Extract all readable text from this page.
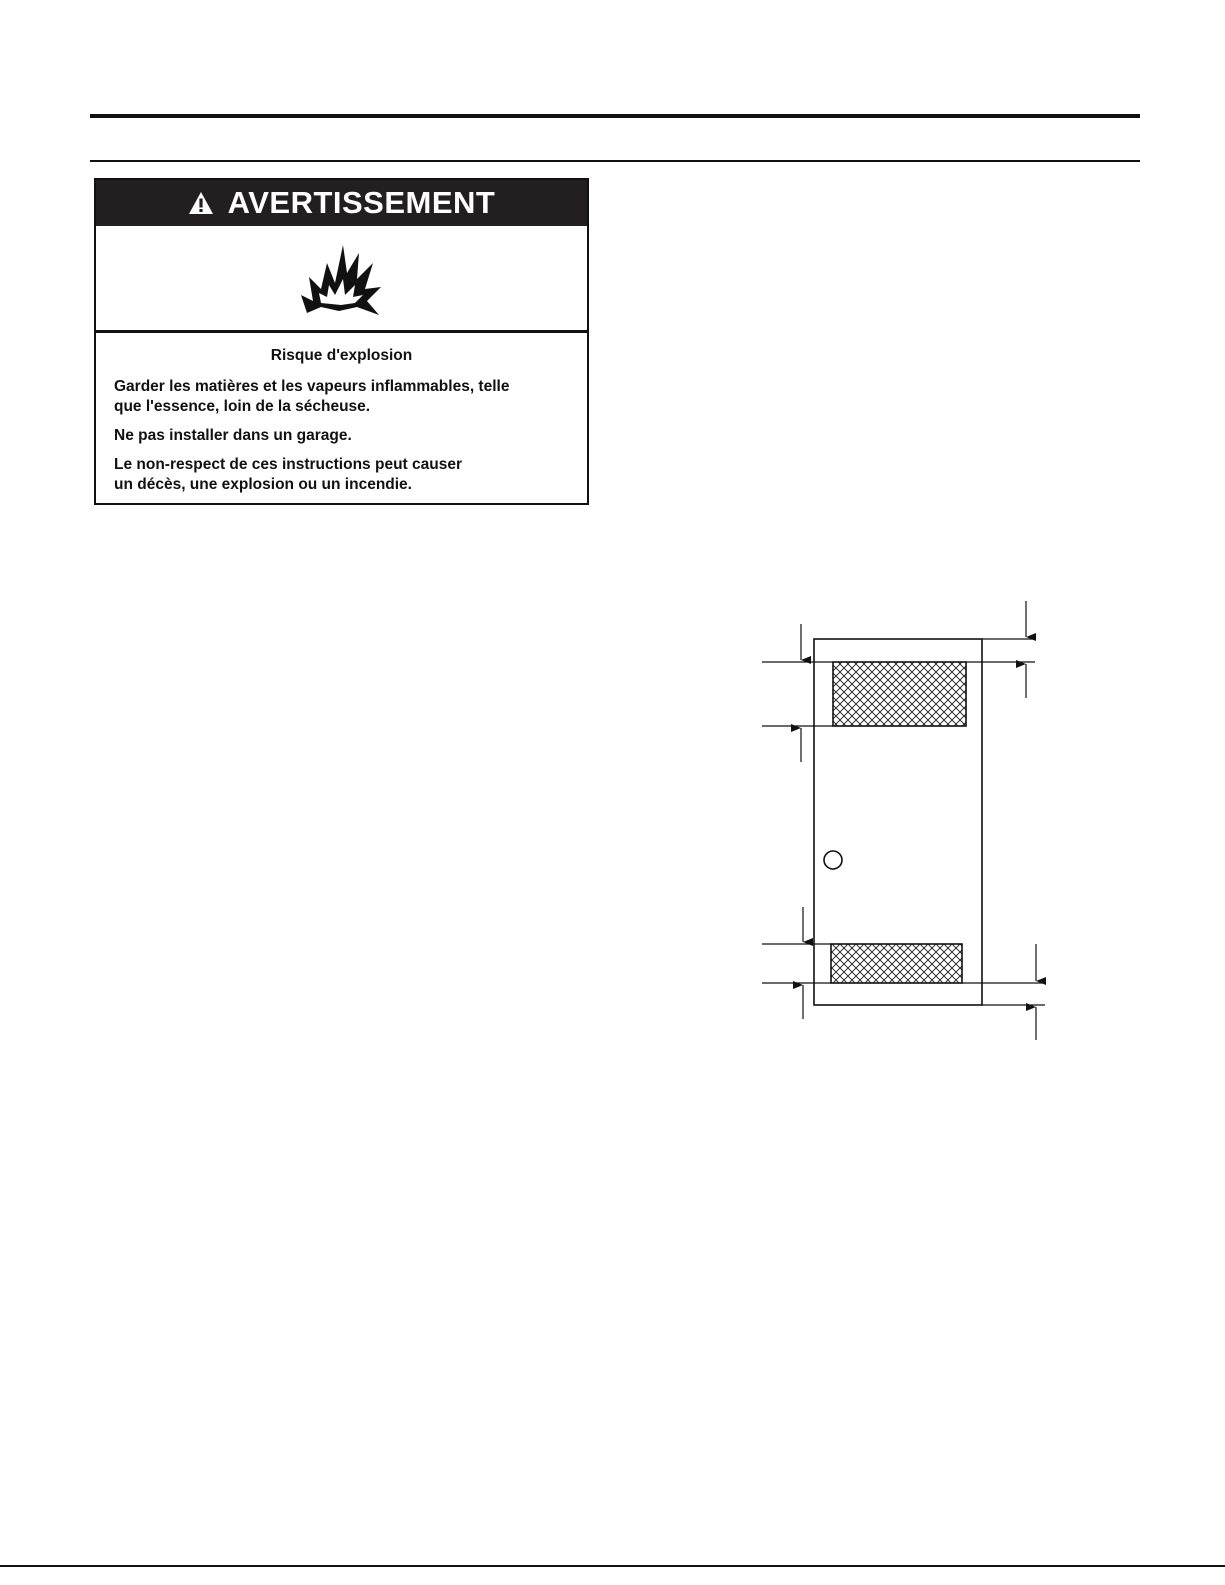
AVERTISSEMENT

Risque d'explosion

Garder les matières et les vapeurs inflammables, telle
que l'essence, loin de la sécheuse.

Ne pas installer dans un garage.

Le non-respect de ces instructions peut causer
un décès, une explosion ou un incendie.
